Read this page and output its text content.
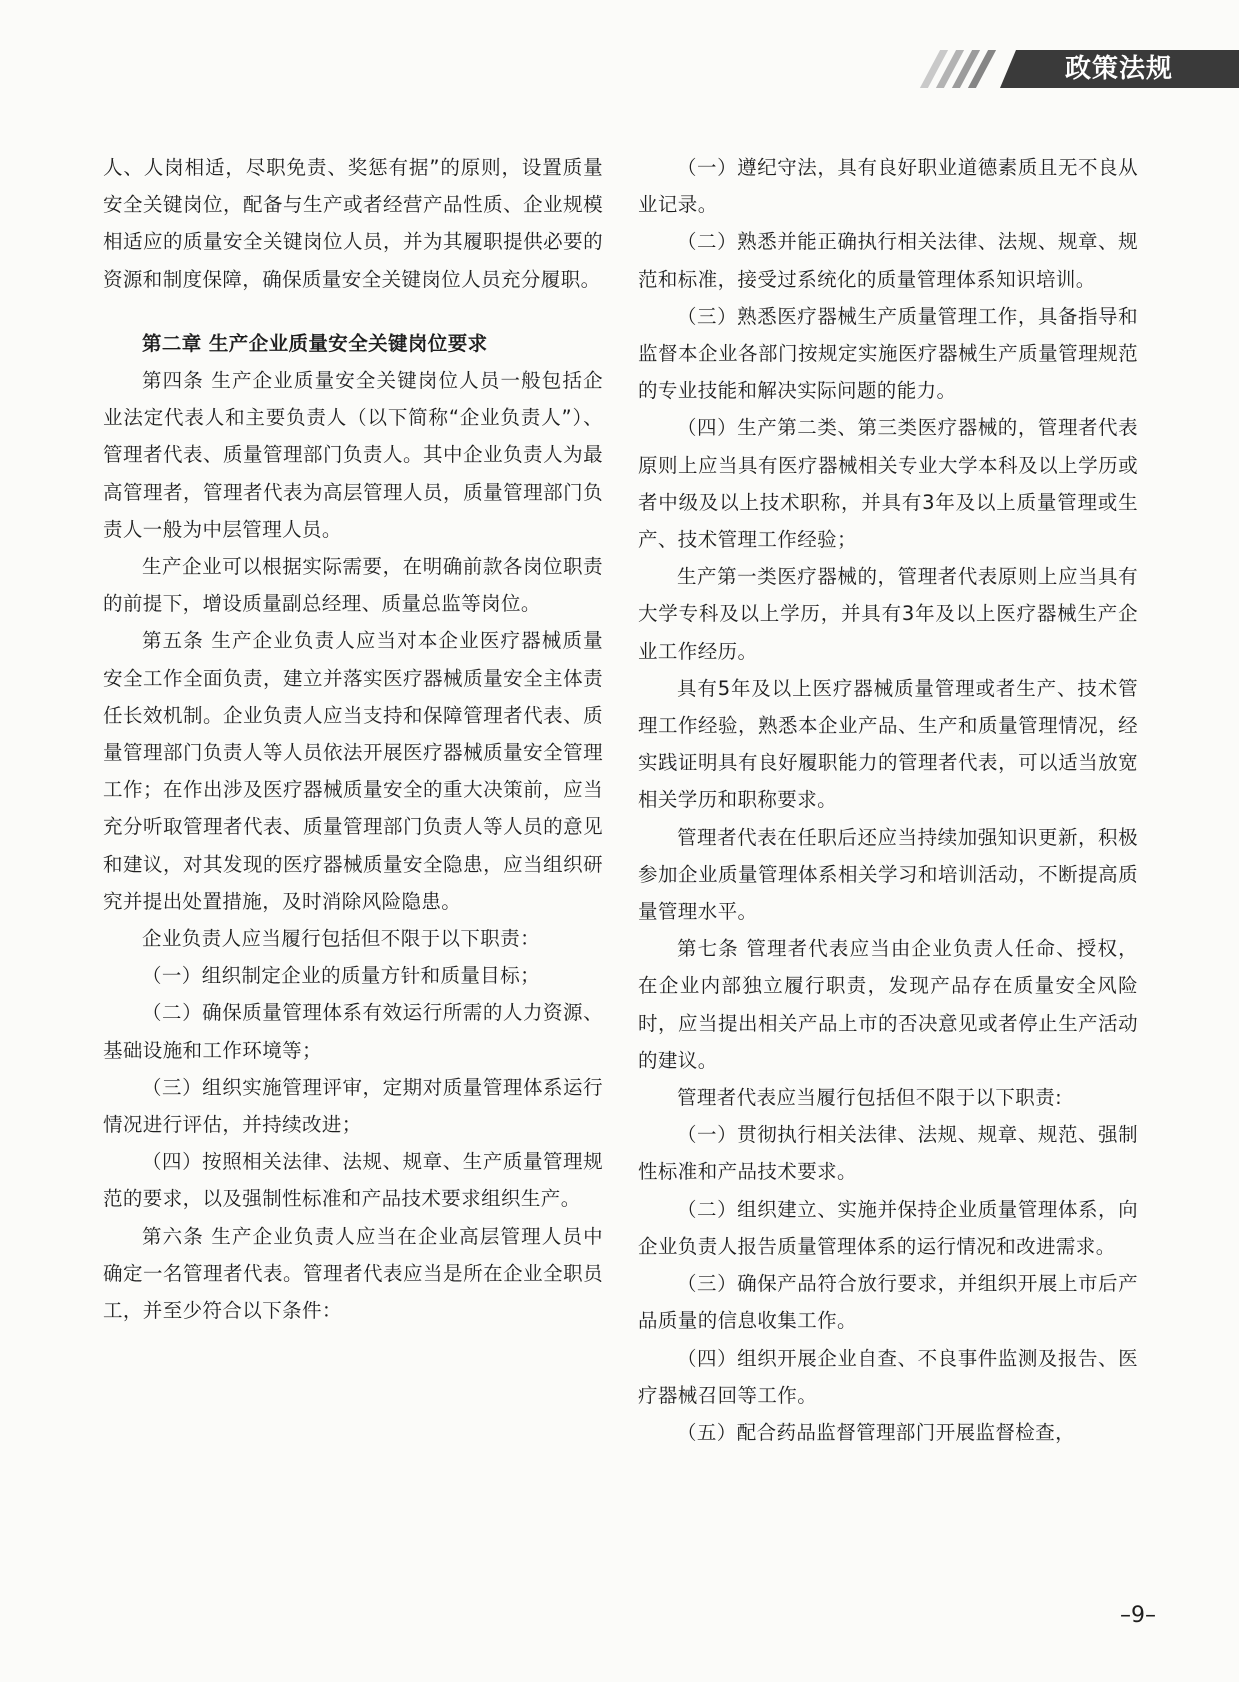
政策法规

人、人岗相适，尽职免责、奖惩有据”的原则，设置质量安全关键岗位，配备与生产或者经营产品性质、企业规模相适应的质量安全关键岗位人员，并为其履职提供必要的资源和制度保障，确保质量安全关键岗位人员充分履职。

第二章 生产企业质量安全关键岗位要求

第四条 生产企业质量安全关键岗位人员一般包括企业法定代表人和主要负责人（以下简称“企业负责人”）、管理者代表、质量管理部门负责人。其中企业负责人为最高管理者，管理者代表为高层管理人员，质量管理部门负责人一般为中层管理人员。

生产企业可以根据实际需要，在明确前款各岗位职责的前提下，增设质量副总经理、质量总监等岗位。

第五条 生产企业负责人应当对本企业医疗器械质量安全工作全面负责，建立并落实医疗器械质量安全主体责任长效机制。企业负责人应当支持和保障管理者代表、质量管理部门负责人等人员依法开展医疗器械质量安全管理工作；在作出涉及医疗器械质量安全的重大决策前，应当充分听取管理者代表、质量管理部门负责人等人员的意见和建议，对其发现的医疗器械质量安全隐患，应当组织研究并提出处置措施，及时消除风险隐患。

企业负责人应当履行包括但不限于以下职责：

（一）组织制定企业的质量方针和质量目标；

（二）确保质量管理体系有效运行所需的人力资源、基础设施和工作环境等；

（三）组织实施管理评审，定期对质量管理体系运行情况进行评估，并持续改进；

（四）按照相关法律、法规、规章、生产质量管理规范的要求，以及强制性标准和产品技术要求组织生产。

第六条 生产企业负责人应当在企业高层管理人员中确定一名管理者代表。管理者代表应当是所在企业全职员工，并至少符合以下条件：

（一）遵纪守法，具有良好职业道德素质且无不良从业记录。

（二）熟悉并能正确执行相关法律、法规、规章、规范和标准，接受过系统化的质量管理体系知识培训。

（三）熟悉医疗器械生产质量管理工作，具备指导和监督本企业各部门按规定实施医疗器械生产质量管理规范的专业技能和解决实际问题的能力。

（四）生产第二类、第三类医疗器械的，管理者代表原则上应当具有医疗器械相关专业大学本科及以上学历或者中级及以上技术职称，并具有3年及以上质量管理或生产、技术管理工作经验；

生产第一类医疗器械的，管理者代表原则上应当具有大学专科及以上学历，并具有3年及以上医疗器械生产企业工作经历。

具有5年及以上医疗器械质量管理或者生产、技术管理工作经验，熟悉本企业产品、生产和质量管理情况，经实践证明具有良好履职能力的管理者代表，可以适当放宽相关学历和职称要求。

管理者代表在任职后还应当持续加强知识更新，积极参加企业质量管理体系相关学习和培训活动，不断提高质量管理水平。

第七条 管理者代表应当由企业负责人任命、授权，在企业内部独立履行职责，发现产品存在质量安全风险时，应当提出相关产品上市的否决意见或者停止生产活动的建议。

管理者代表应当履行包括但不限于以下职责:

（一）贯彻执行相关法律、法规、规章、规范、强制性标准和产品技术要求。

（二）组织建立、实施并保持企业质量管理体系，向企业负责人报告质量管理体系的运行情况和改进需求。

（三）确保产品符合放行要求，并组织开展上市后产品质量的信息收集工作。

（四）组织开展企业自查、不良事件监测及报告、医疗器械召回等工作。

（五）配合药品监督管理部门开展监督检查，

–9–
